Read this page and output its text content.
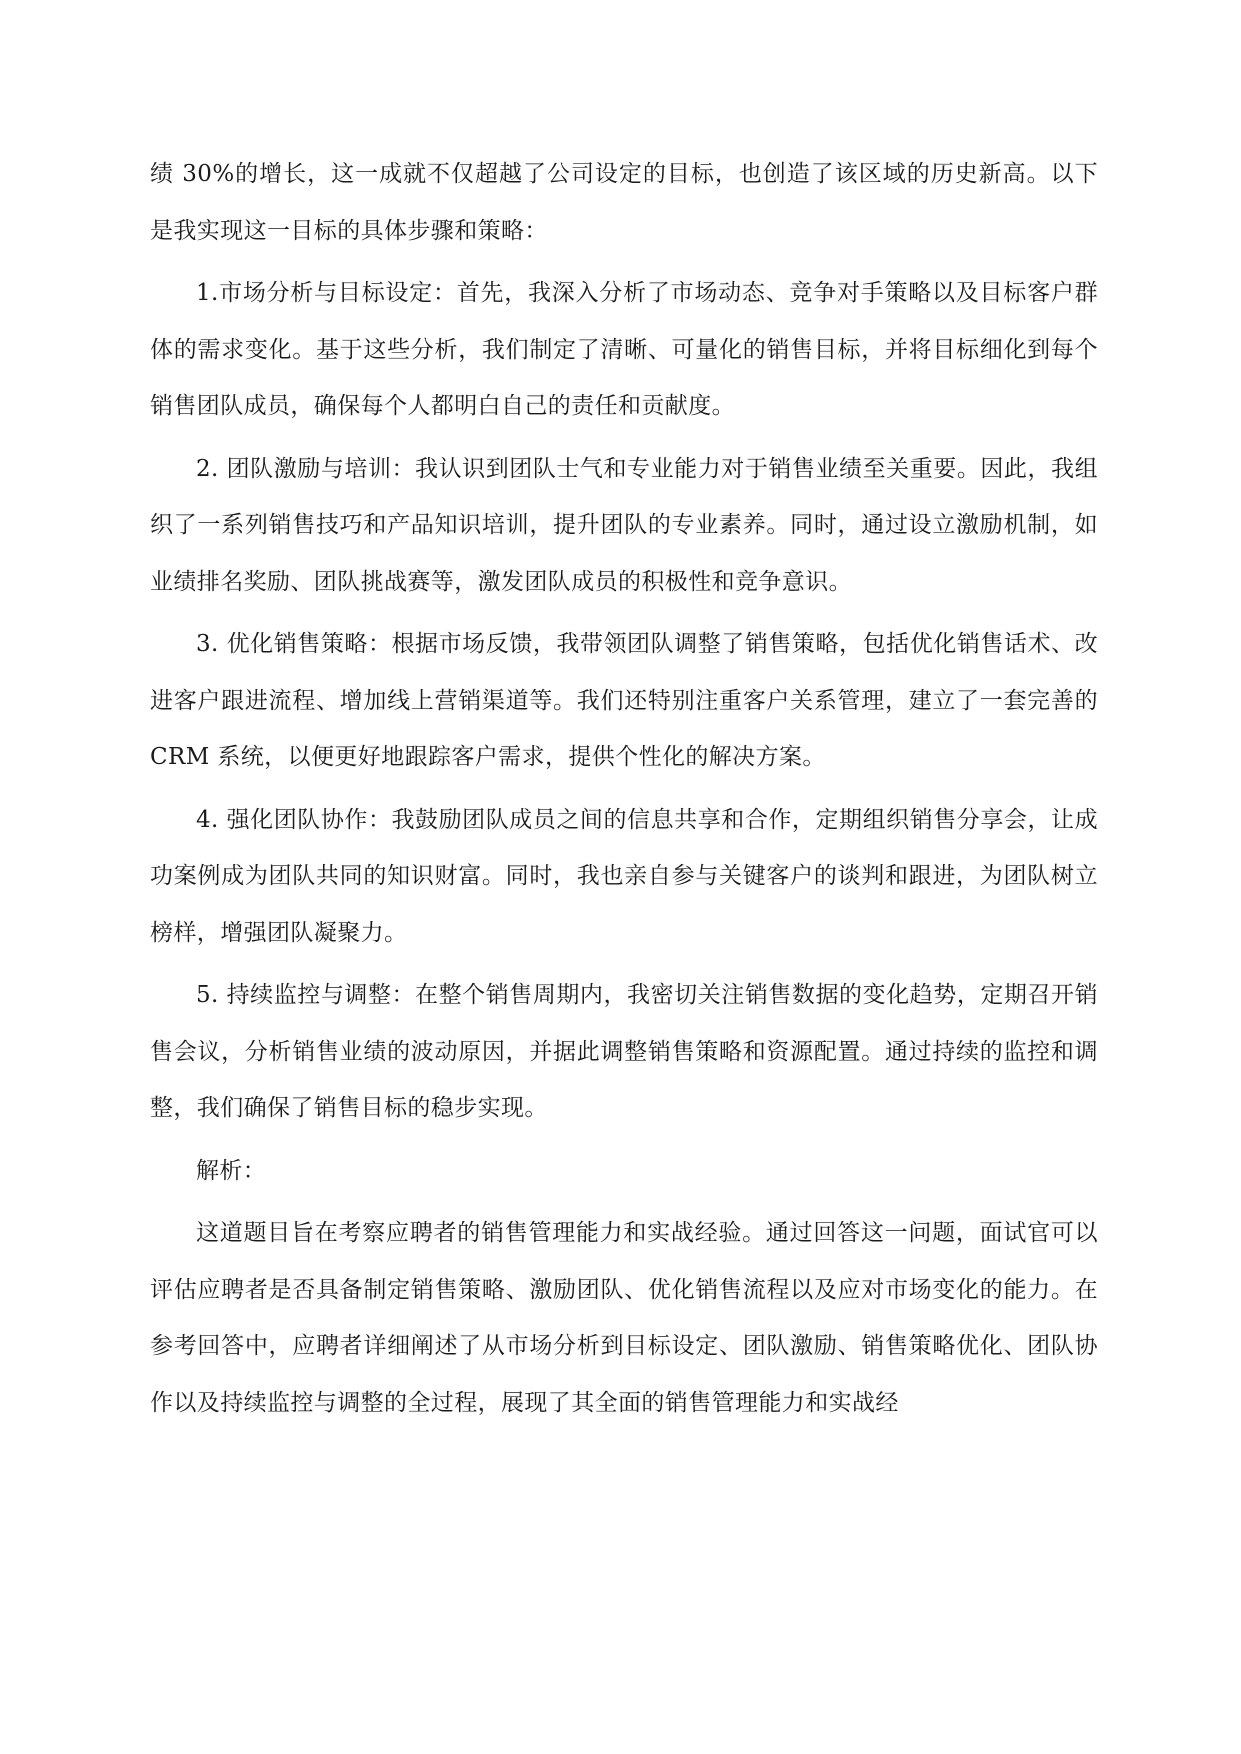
绩 30%的增长，这一成就不仅超越了公司设定的目标，也创造了该区域的历史新高。以下是我实现这一目标的具体步骤和策略：

1.市场分析与目标设定：首先，我深入分析了市场动态、竞争对手策略以及目标客户群体的需求变化。基于这些分析，我们制定了清晰、可量化的销售目标，并将目标细化到每个销售团队成员，确保每个人都明白自己的责任和贡献度。

2. 团队激励与培训：我认识到团队士气和专业能力对于销售业绩至关重要。因此，我组织了一系列销售技巧和产品知识培训，提升团队的专业素养。同时，通过设立激励机制，如业绩排名奖励、团队挑战赛等，激发团队成员的积极性和竞争意识。

3. 优化销售策略：根据市场反馈，我带领团队调整了销售策略，包括优化销售话术、改进客户跟进流程、增加线上营销渠道等。我们还特别注重客户关系管理，建立了一套完善的 CRM 系统，以便更好地跟踪客户需求，提供个性化的解决方案。

4. 强化团队协作：我鼓励团队成员之间的信息共享和合作，定期组织销售分享会，让成功案例成为团队共同的知识财富。同时，我也亲自参与关键客户的谈判和跟进，为团队树立榜样，增强团队凝聚力。

5. 持续监控与调整：在整个销售周期内，我密切关注销售数据的变化趋势，定期召开销售会议，分析销售业绩的波动原因，并据此调整销售策略和资源配置。通过持续的监控和调整，我们确保了销售目标的稳步实现。

解析：

这道题目旨在考察应聘者的销售管理能力和实战经验。通过回答这一问题，面试官可以评估应聘者是否具备制定销售策略、激励团队、优化销售流程以及应对市场变化的能力。在参考回答中，应聘者详细阐述了从市场分析到目标设定、团队激励、销售策略优化、团队协作以及持续监控与调整的全过程，展现了其全面的销售管理能力和实战经
